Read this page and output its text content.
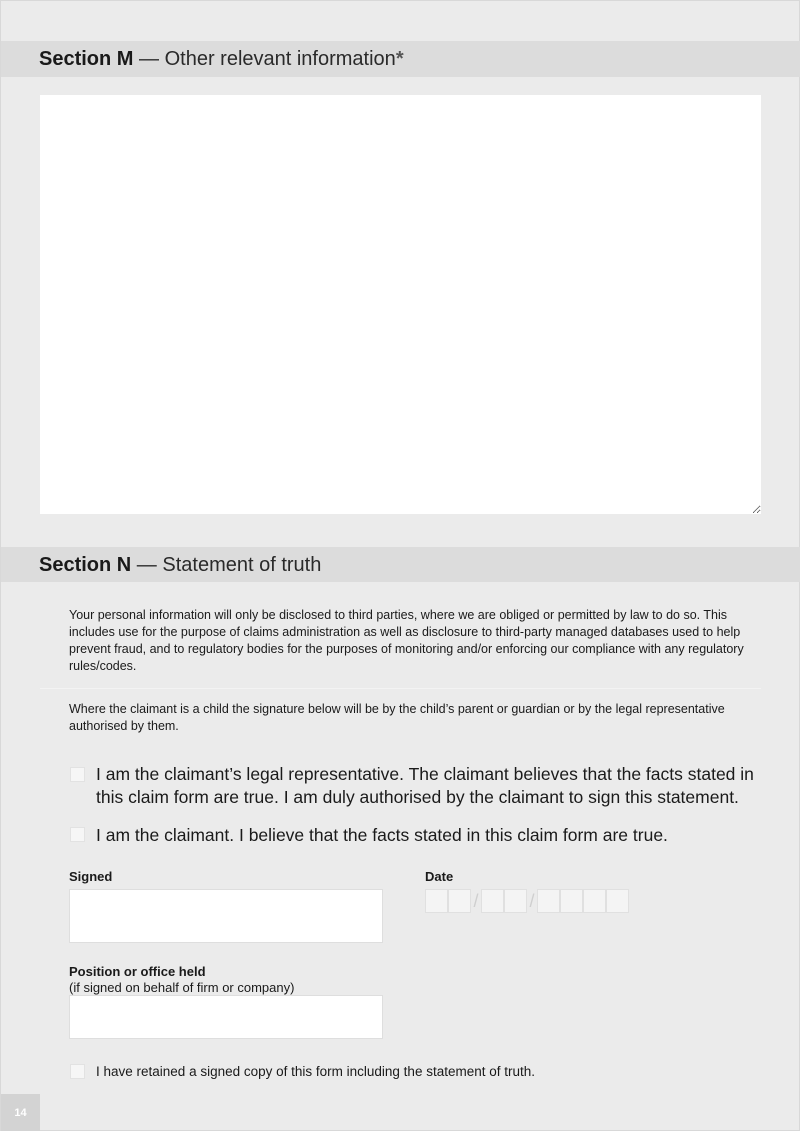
Section M — Other relevant information*
Section N — Statement of truth
Your personal information will only be disclosed to third parties, where we are obliged or permitted by law to do so. This includes use for the purpose of claims administration as well as disclosure to third-party managed databases used to help prevent fraud, and to regulatory bodies for the purposes of monitoring and/or enforcing our compliance with any regulatory rules/codes.
Where the claimant is a child the signature below will be by the child’s parent or guardian or by the legal representative authorised by them.
I am the claimant’s legal representative. The claimant believes that the facts stated in this claim form are true. I am duly authorised by the claimant to sign this statement.
I am the claimant. I believe that the facts stated in this claim form are true.
Signed	Date
/	/
Position or office held
(if signed on behalf of firm or company)
I have retained a signed copy of this form including the statement of truth.
14
